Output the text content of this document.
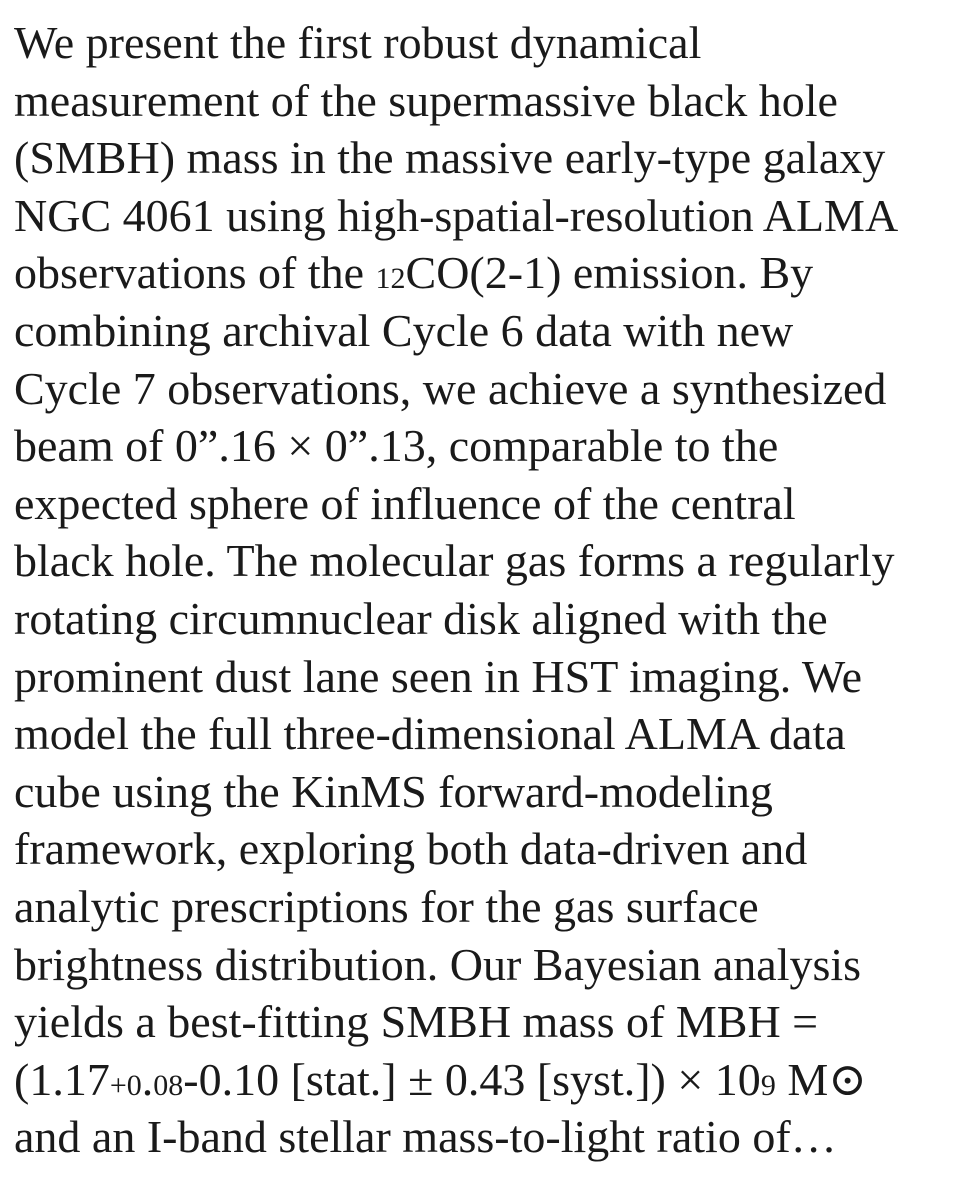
We present the first robust dynamical
measurement of the supermassive black hole
(SMBH) mass in the massive early-type galaxy
NGC 4061 using high-spatial-resolution ALMA
observations of the 12CO(2-1) emission. By
combining archival Cycle 6 data with new
Cycle 7 observations, we achieve a synthesized
beam of 0”.16 × 0”.13, comparable to the
expected sphere of influence of the central
black hole. The molecular gas forms a regularly
rotating circumnuclear disk aligned with the
prominent dust lane seen in HST imaging. We
model the full three-dimensional ALMA data
cube using the KinMS forward-modeling
framework, exploring both data-driven and
analytic prescriptions for the gas surface
brightness distribution. Our Bayesian analysis
yields a best-fitting SMBH mass of MBH =
(1.17+0.08-0.10 [stat.] ± 0.43 [syst.]) × 109 M⊙
and an I-band stellar mass-to-light ratio of…
